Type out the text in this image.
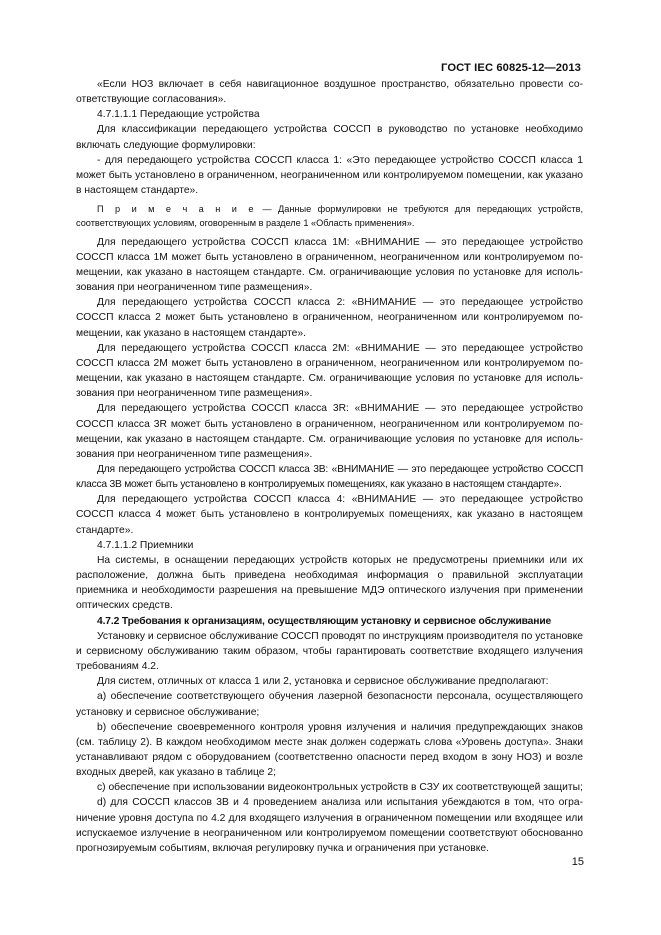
ГОСТ IEC 60825-12—2013

«Если НОЗ включает в себя навигационное воздушное пространство, обязательно провести соответствующие согласования».

4.7.1.1.1 Передающие устройства

Для классификации передающего устройства СОССП в руководство по установке необходимо включать следующие формулировки:

- для передающего устройства СОССП класса 1: «Это передающее устройство СОССП класса 1 может быть установлено в ограниченном, неограниченном или контролируемом помещении, как указано в настоящем стандарте».

П р и м е ч а н и е — Данные формулировки не требуются для передающих устройств, соответствующих условиям, оговоренным в разделе 1 «Область применения».

Для передающего устройства СОССП класса 1М: «ВНИМАНИЕ — это передающее устройство СОССП класса 1М может быть установлено в ограниченном, неограниченном или контролируемом помещении, как указано в настоящем стандарте. См. ограничивающие условия по установке для использования при неограниченном типе размещения».

Для передающего устройства СОССП класса 2: «ВНИМАНИЕ — это передающее устройство СОССП класса 2 может быть установлено в ограниченном, неограниченном или контролируемом помещении, как указано в настоящем стандарте».

Для передающего устройства СОССП класса 2М: «ВНИМАНИЕ — это передающее устройство СОССП класса 2М может быть установлено в ограниченном, неограниченном или контролируемом помещении, как указано в настоящем стандарте. См. ограничивающие условия по установке для использования при неограниченном типе размещения».

Для передающего устройства СОССП класса 3R: «ВНИМАНИЕ — это передающее устройство СОССП класса 3R может быть установлено в ограниченном, неограниченном или контролируемом помещении, как указано в настоящем стандарте. См. ограничивающие условия по установке для использования при неограниченном типе размещения».

Для передающего устройства СОССП класса 3В: «ВНИМАНИЕ — это передающее устройство СОССП класса 3В может быть установлено в контролируемых помещениях, как указано в настоящем стандарте».

Для передающего устройства СОССП класса 4: «ВНИМАНИЕ — это передающее устройство СОССП класса 4 может быть установлено в контролируемых помещениях, как указано в настоящем стандарте».

4.7.1.1.2 Приемники

На системы, в оснащении передающих устройств которых не предусмотрены приемники или их расположение, должна быть приведена необходимая информация о правильной эксплуатации приемника и необходимости разрешения на превышение МДЭ оптического излучения при применении оптических средств.

4.7.2 Требования к организациям, осуществляющим установку и сервисное обслуживание

Установку и сервисное обслуживание СОССП проводят по инструкциям производителя по установке и сервисному обслуживанию таким образом, чтобы гарантировать соответствие входящего излучения требованиям 4.2.

Для систем, отличных от класса 1 или 2, установка и сервисное обслуживание предполагают:

а) обеспечение соответствующего обучения лазерной безопасности персонала, осуществляющего установку и сервисное обслуживание;

b) обеспечение своевременного контроля уровня излучения и наличия предупреждающих знаков (см. таблицу 2). В каждом необходимом месте знак должен содержать слова «Уровень доступа». Знаки устанавливают рядом с оборудованием (соответственно опасности перед входом в зону НОЗ) и возле входных дверей, как указано в таблице 2;

с) обеспечение при использовании видеоконтрольных устройств в СЗУ их соответствующей защиты;

d) для СОССП классов 3В и 4 проведением анализа или испытания убеждаются в том, что ограничение уровня доступа по 4.2 для входящего излучения в ограниченном помещении или входящее или испускаемое излучение в неограниченном или контролируемом помещении соответствуют обоснованно прогнозируемым событиям, включая регулировку пучка и ограничения при установке.

15
